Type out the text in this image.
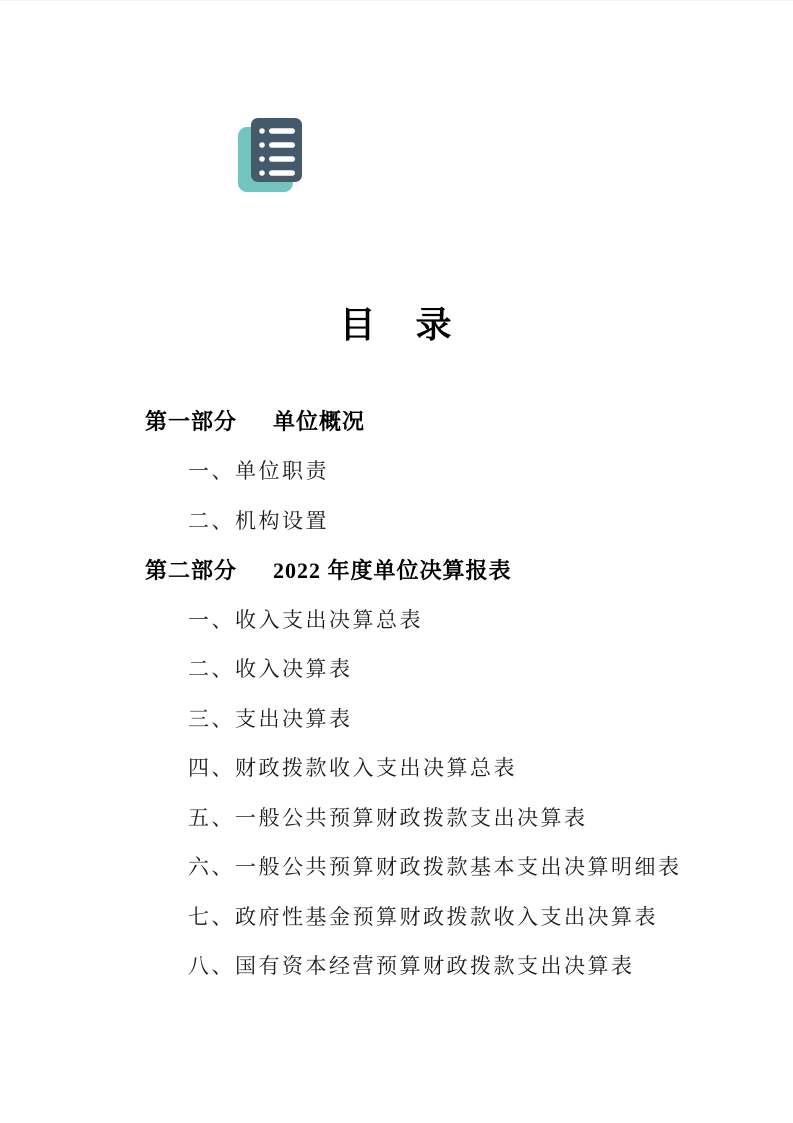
目　录
第一部分 单位概况
一、单位职责
二、机构设置
第二部分 2022 年度单位决算报表
一、收入支出决算总表
二、收入决算表
三、支出决算表
四、财政拨款收入支出决算总表
五、一般公共预算财政拨款支出决算表
六、一般公共预算财政拨款基本支出决算明细表
七、政府性基金预算财政拨款收入支出决算表
八、国有资本经营预算财政拨款支出决算表
